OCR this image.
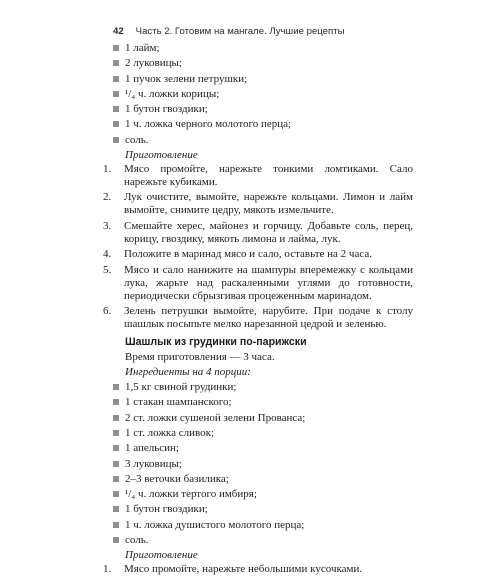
42 Часть 2. Готовим на мангале. Лучшие рецепты
1 лайм;
2 луковицы;
1 пучок зелени петрушки;
¹/₄ ч. ложки корицы;
1 бутон гвоздики;
1 ч. ложка черного молотого перца;
соль.
Приготовление
1. Мясо промойте, нарежьте тонкими ломтиками. Сало нарежьте кубиками.
2. Лук очистите, вымойте, нарежьте кольцами. Лимон и лайм вымойте, снимите цедру, мякоть измельчите.
3. Смешайте херес, майонез и горчицу. Добавьте соль, перец, корицу, гвоздику, мякоть лимона и лайма, лук.
4. Положите в маринад мясо и сало, оставьте на 2 часа.
5. Мясо и сало нанижите на шампуры вперемежку с кольцами лука, жарьте над раскаленными углями до готовности, периодически сбрызгивая процеженным маринадом.
6. Зелень петрушки вымойте, нарубите. При подаче к столу шашлык посыпьте мелко нарезанной цедрой и зеленью.
Шашлык из грудинки по-парижски
Время приготовления — 3 часа.
Ингредиенты на 4 порции:
1,5 кг свиной грудинки;
1 стакан шампанского;
2 ст. ложки сушеной зелени Прованса;
1 ст. ложка сливок;
1 апельсин;
3 луковицы;
2–3 веточки базилика;
¹/₄ ч. ложки тертого имбиря;
1 бутон гвоздики;
1 ч. ложка душистого молотого перца;
соль.
Приготовление
1. Мясо промойте, нарежьте небольшими кусочками.
